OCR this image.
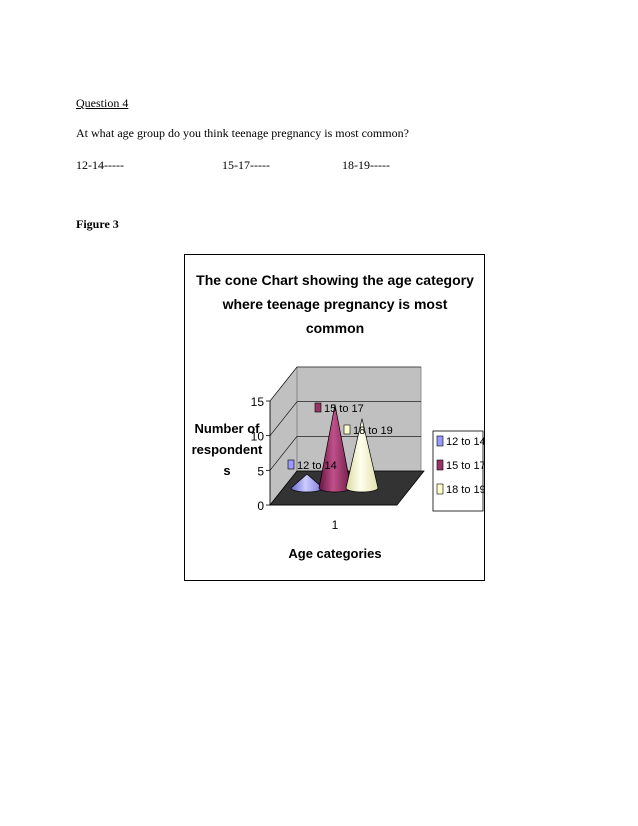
Question 4
At what age group do you think teenage pregnancy is most common?
12-14-----	15-17-----	18-19-----
Figure 3
The cone Chart showing the age category
where teenage pregnancy is most
common
0
5
10
15
12 to 14
15 to 17
18 to 19
Number of
respondent
s
1
Age categories
12 to 14
15 to 17
18 to 19
